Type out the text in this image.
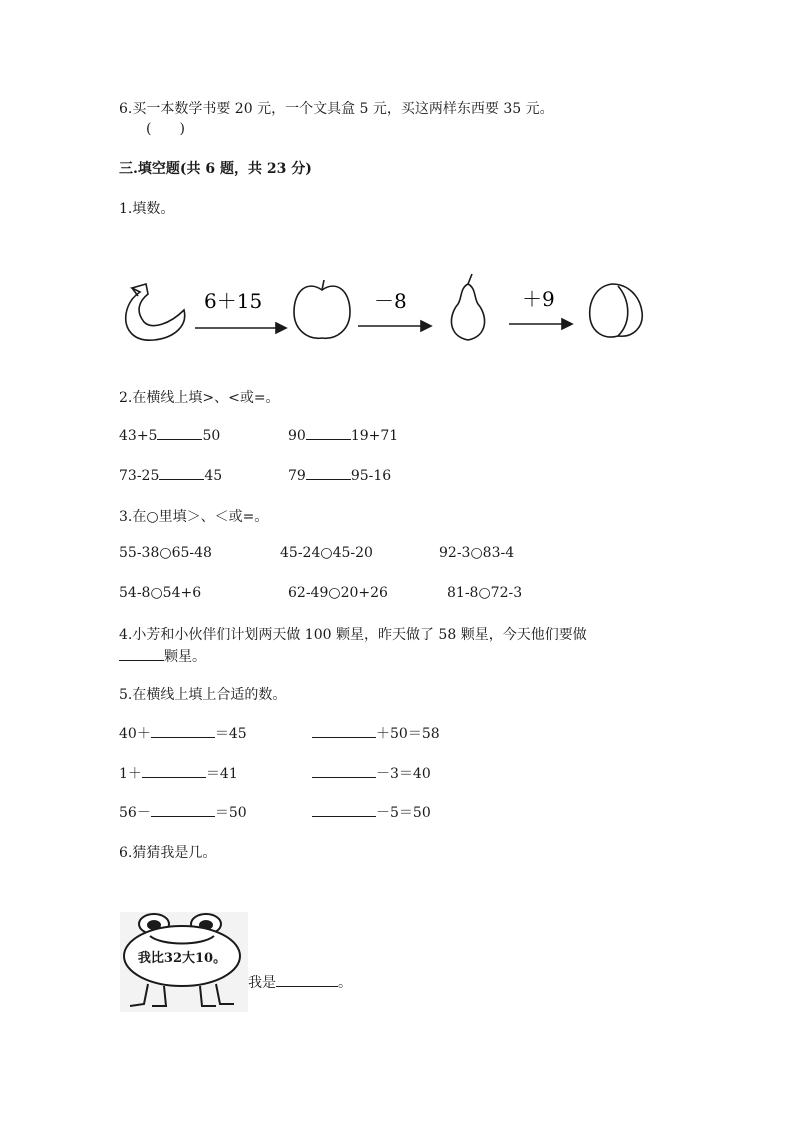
6.买一本数学书要 20 元，一个文具盒 5 元，买这两样东西要 35 元。
(　　)
三.填空题(共 6 题，共 23 分)
1.填数。
6＋15	－8	＋9
2.在横线上填>、<或=。
43+5	50	90	19+71
73-25	45	79	95-16
3.在○里填＞、＜或=。
55-38○65-48	45-24○45-20	92-3○83-4
54-8○54+6	62-49○20+26	81-8○72-3
4.小芳和小伙伴们计划两天做 100 颗星，昨天做了 58 颗星，今天他们要做
颗星。
5.在横线上填上合适的数。
40＋	＝45	＋50＝58
1＋	＝41	－3＝40
56－	＝50	－5＝50
6.猜猜我是几。
我比32大10。
我是	。
